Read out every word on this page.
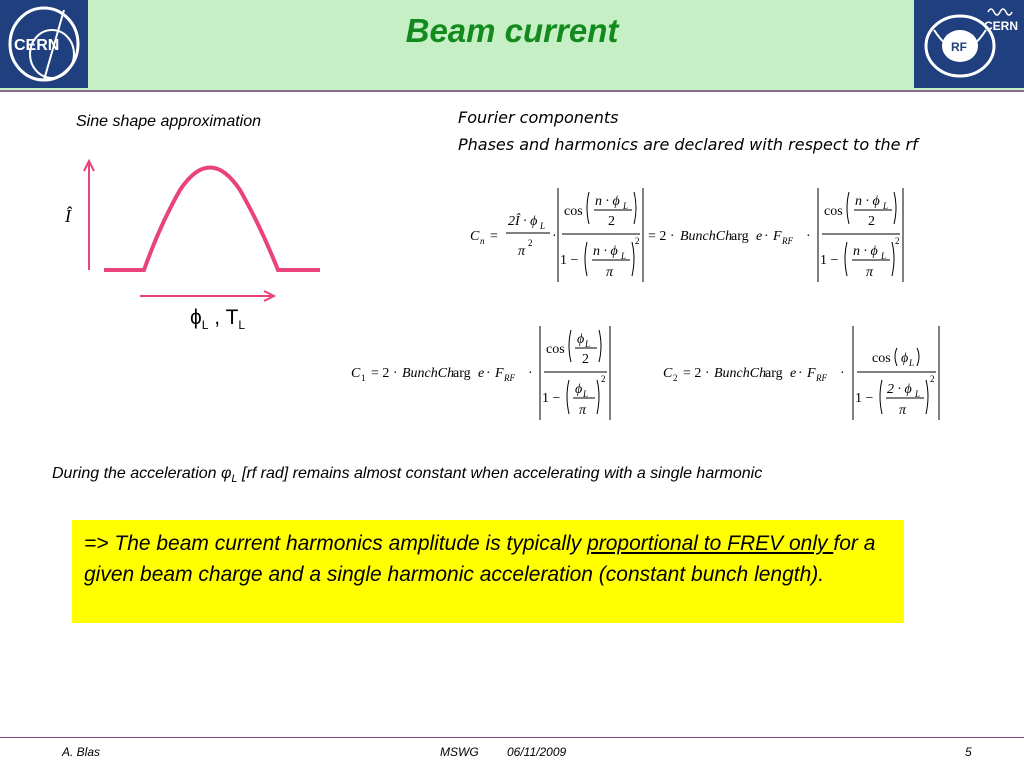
CERN	Beam current	RF
CERN
Sine shape approximation
Î
$\phi_L$ , $T_L$
Fourier components
Phases and harmonics are declared with respect to the rf
C n =
2Î · ϕ L
π
2 ·
cos
n · ϕ L
2
1 −
n · ϕ L
π
2 = 2 · BunchCh
arg e · F RF ·
cos
n · ϕ L
2
1 −
n · ϕ L
π
2
C 1 = 2 · BunchCh
arg e · F RF ·
cos
ϕ L
2
1 −
ϕ L
π
2	C 2 = 2 · BunchCh
arg e · F RF ·
cos ϕ L
1 −
2 · ϕ L
π
2
During the acceleration $\varphi_L$ [rf rad] remains almost constant when accelerating with a single harmonic
=> The beam current harmonics amplitude is typically proportional to FREV only for a given beam charge and a single harmonic acceleration (constant bunch length).
A. Blas	MSWG 06/11/2009	5
